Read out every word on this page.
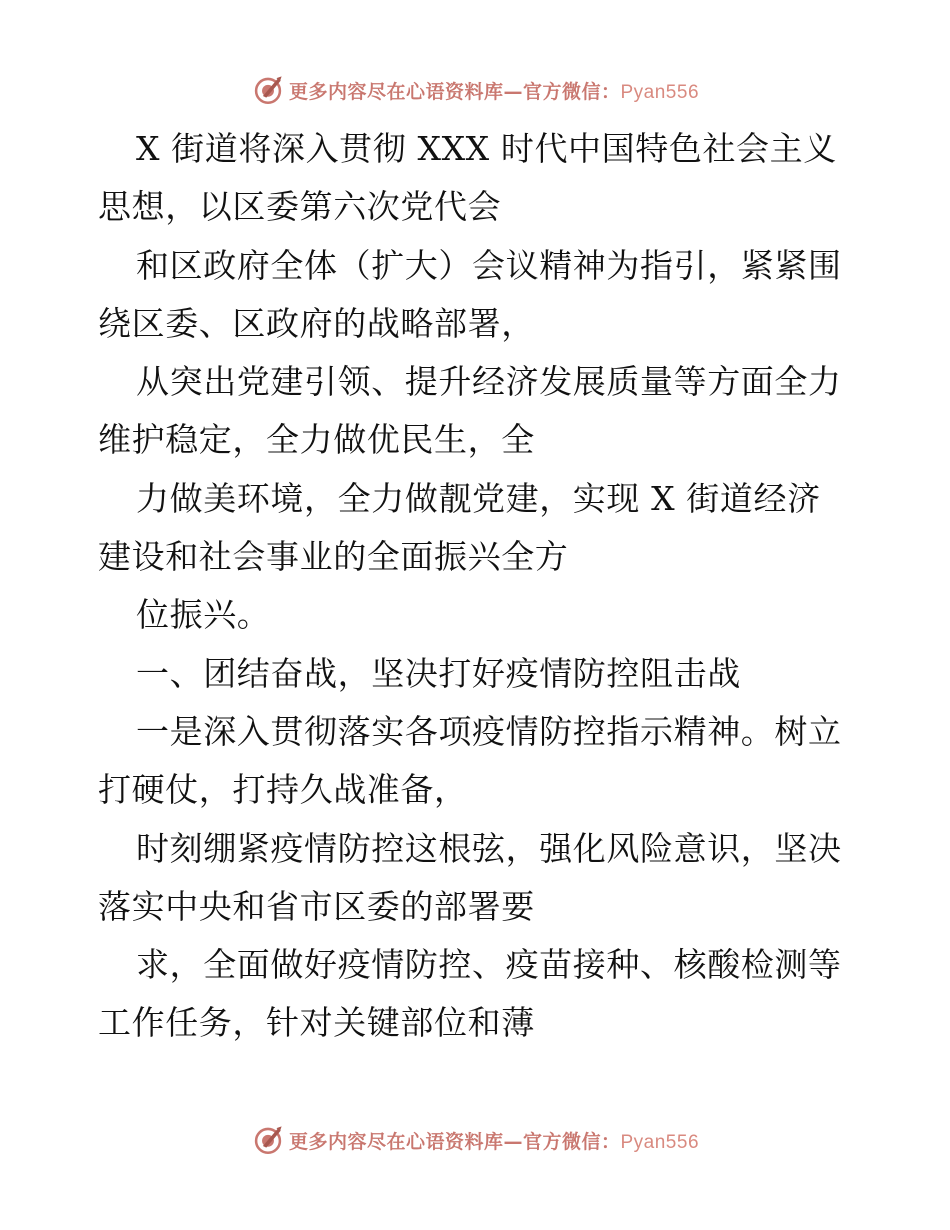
更多内容尽在心语资料库—官方微信：Pyan556
X 街道将深入贯彻 XXX 时代中国特色社会主义
思想，以区委第六次党代会
和区政府全体（扩大）会议精神为指引，紧紧围
绕区委、区政府的战略部署，
从突出党建引领、提升经济发展质量等方面全力
维护稳定，全力做优民生，全
力做美环境，全力做靓党建，实现 X 街道经济
建设和社会事业的全面振兴全方
位振兴。
一、团结奋战，坚决打好疫情防控阻击战
一是深入贯彻落实各项疫情防控指示精神。树立
打硬仗，打持久战准备，
时刻绷紧疫情防控这根弦，强化风险意识，坚决
落实中央和省市区委的部署要
求，全面做好疫情防控、疫苗接种、核酸检测等
工作任务，针对关键部位和薄
更多内容尽在心语资料库—官方微信：Pyan556
